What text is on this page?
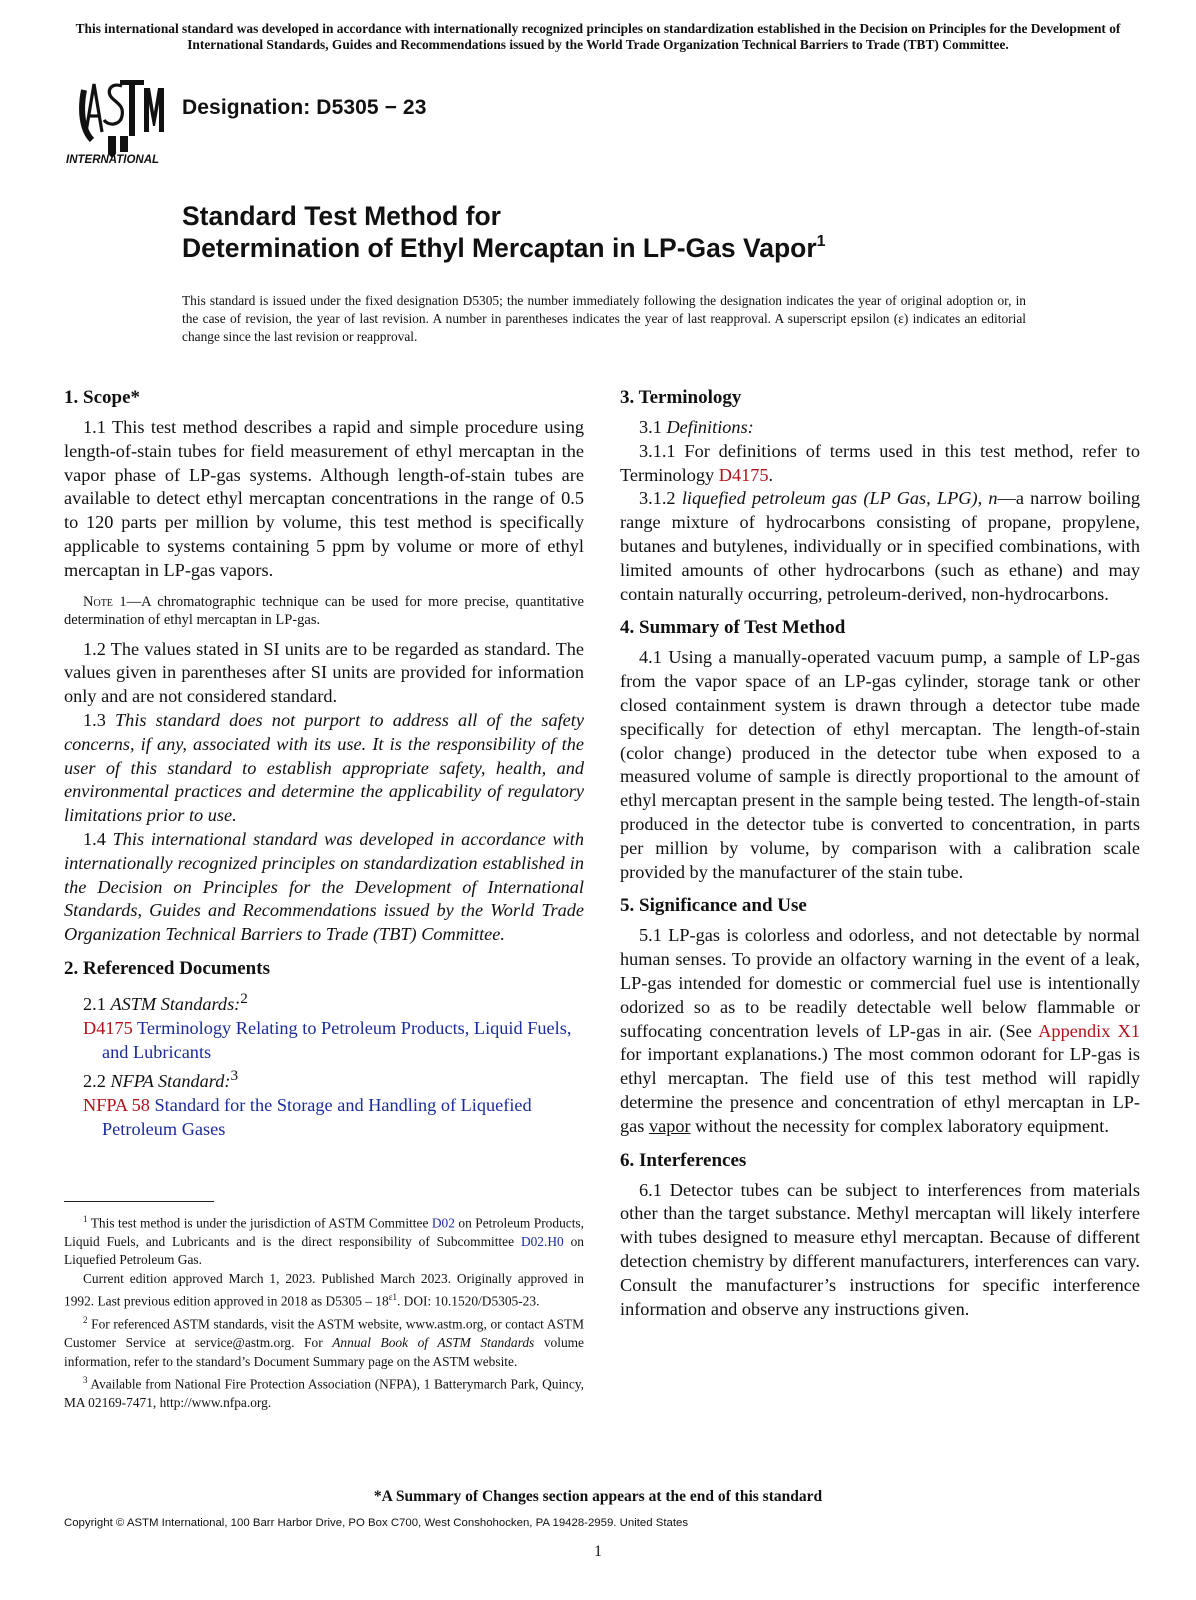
This international standard was developed in accordance with internationally recognized principles on standardization established in the Decision on Principles for the Development of International Standards, Guides and Recommendations issued by the World Trade Organization Technical Barriers to Trade (TBT) Committee.
INTERNATIONAL
Designation: D5305 − 23
Standard Test Method for
Determination of Ethyl Mercaptan in LP-Gas Vapor$^1$
This standard is issued under the fixed designation D5305; the number immediately following the designation indicates the year of original adoption or, in the case of revision, the year of last revision. A number in parentheses indicates the year of last reapproval. A superscript epsilon (ε) indicates an editorial change since the last revision or reapproval.
1. Scope*

1.1 This test method describes a rapid and simple procedure using length-of-stain tubes for field measurement of ethyl mercaptan in the vapor phase of LP-gas systems. Although length-of-stain tubes are available to detect ethyl mercaptan concentrations in the range of 0.5 to 120 parts per million by volume, this test method is specifically applicable to systems containing 5 ppm by volume or more of ethyl mercaptan in LP-gas vapors.

Note 1—A chromatographic technique can be used for more precise, quantitative determination of ethyl mercaptan in LP-gas.

1.2 The values stated in SI units are to be regarded as standard. The values given in parentheses after SI units are provided for information only and are not considered standard.

1.3 This standard does not purport to address all of the safety concerns, if any, associated with its use. It is the responsibility of the user of this standard to establish appropriate safety, health, and environmental practices and determine the applicability of regulatory limitations prior to use.

1.4 This international standard was developed in accordance with internationally recognized principles on standardization established in the Decision on Principles for the Development of International Standards, Guides and Recommendations issued by the World Trade Organization Technical Barriers to Trade (TBT) Committee.

2. Referenced Documents

2.1 ASTM Standards:$^2$

D4175 Terminology Relating to Petroleum Products, Liquid Fuels, and Lubricants

2.2 NFPA Standard:$^3$

NFPA 58 Standard for the Storage and Handling of Liquefied Petroleum Gases

$^1$ This test method is under the jurisdiction of ASTM Committee D02 on Petroleum Products, Liquid Fuels, and Lubricants and is the direct responsibility of Subcommittee D02.H0 on Liquefied Petroleum Gas.

Current edition approved March 1, 2023. Published March 2023. Originally approved in 1992. Last previous edition approved in 2018 as $D5305 - 18^{\varepsilon 1}$. DOI: 10.1520/D5305-23.

$^2$ For referenced ASTM standards, visit the ASTM website, www.astm.org, or contact ASTM Customer Service at service@astm.org. For Annual Book of ASTM Standards volume information, refer to the standard’s Document Summary page on the ASTM website.

$^3$ Available from National Fire Protection Association (NFPA), 1 Batterymarch Park, Quincy, MA 02169-7471, http://www.nfpa.org.

3. Terminology

3.1 Definitions:

3.1.1 For definitions of terms used in this test method, refer to Terminology D4175.

3.1.2 liquefied petroleum gas (LP Gas, LPG), n—a narrow boiling range mixture of hydrocarbons consisting of propane, propylene, butanes and butylenes, individually or in specified combinations, with limited amounts of other hydrocarbons (such as ethane) and may contain naturally occurring, petroleum-derived, non-hydrocarbons.

4. Summary of Test Method

4.1 Using a manually-operated vacuum pump, a sample of LP-gas from the vapor space of an LP-gas cylinder, storage tank or other closed containment system is drawn through a detector tube made specifically for detection of ethyl mercaptan. The length-of-stain (color change) produced in the detector tube when exposed to a measured volume of sample is directly proportional to the amount of ethyl mercaptan present in the sample being tested. The length-of-stain produced in the detector tube is converted to concentration, in parts per million by volume, by comparison with a calibration scale provided by the manufacturer of the stain tube.

5. Significance and Use

5.1 LP-gas is colorless and odorless, and not detectable by normal human senses. To provide an olfactory warning in the event of a leak, LP-gas intended for domestic or commercial fuel use is intentionally odorized so as to be readily detectable well below flammable or suffocating concentration levels of LP-gas in air. (See Appendix X1 for important explanations.) The most common odorant for LP-gas is ethyl mercaptan. The field use of this test method will rapidly determine the presence and concentration of ethyl mercaptan in LP-gas vapor without the necessity for complex laboratory equipment.

6. Interferences

6.1 Detector tubes can be subject to interferences from materials other than the target substance. Methyl mercaptan will likely interfere with tubes designed to measure ethyl mercaptan. Because of different detection chemistry by different manufacturers, interferences can vary. Consult the manufacturer’s instructions for specific interference information and observe any instructions given.

*A Summary of Changes section appears at the end of this standard
Copyright © ASTM International, 100 Barr Harbor Drive, PO Box C700, West Conshohocken, PA 19428-2959. United States
1
